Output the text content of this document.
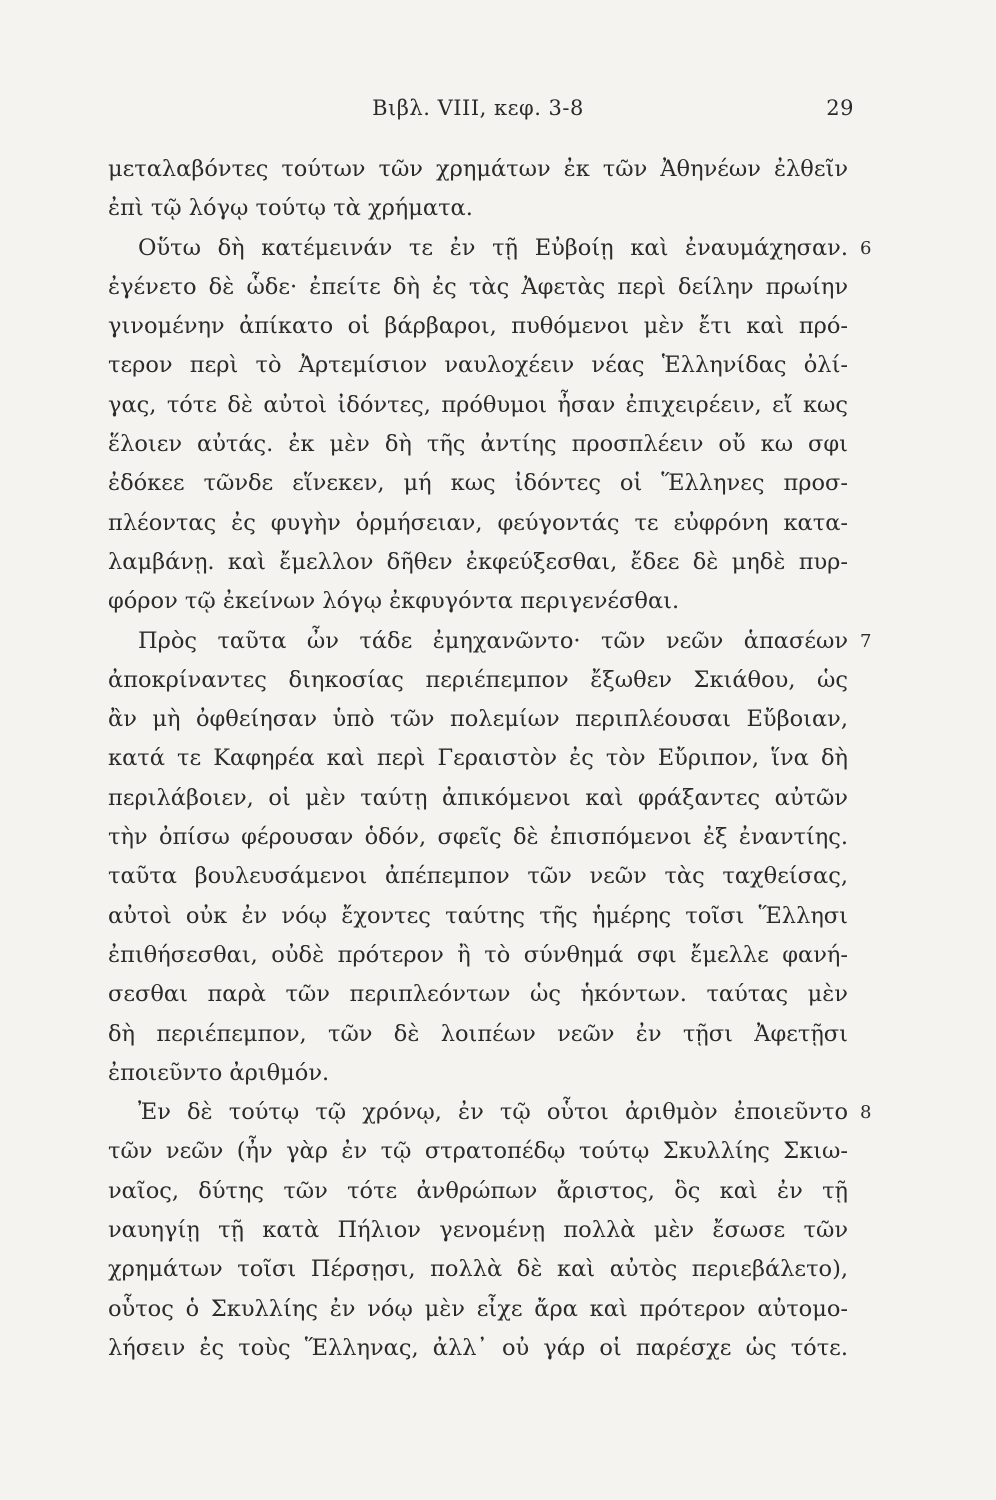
Βιβλ. VIII, κεφ. 3-8	29
μεταλαβόντες τούτων τῶν χρημάτων ἐκ τῶν Ἀθηνέων ἐλθεῖν
ἐπὶ τῷ λόγῳ τούτῳ τὰ χρήματα.
Οὕτω δὴ κατέμεινάν τε ἐν τῇ Εὐβοίῃ καὶ ἐναυμάχησαν. 6
ἐγένετο δὲ ὧδε· ἐπείτε δὴ ἐς τὰς Ἀφετὰς περὶ δείλην πρωίην
γινομένην ἀπίκατο οἱ βάρβαροι, πυθόμενοι μὲν ἔτι καὶ πρό-
τερον περὶ τὸ Ἀρτεμίσιον ναυλοχέειν νέας Ἑλληνίδας ὀλί-
γας, τότε δὲ αὐτοὶ ἰδόντες, πρόθυμοι ἦσαν ἐπιχειρέειν, εἴ κως
ἕλοιεν αὐτάς. ἐκ μὲν δὴ τῆς ἀντίης προσπλέειν οὔ κω σφι
ἐδόκεε τῶνδε εἵνεκεν, μή κως ἰδόντες οἱ Ἕλληνες προσ-
πλέοντας ἐς φυγὴν ὁρμήσειαν, φεύγοντάς τε εὐφρόνη κατα-
λαμβάνῃ. καὶ ἔμελλον δῆθεν ἐκφεύξεσθαι, ἔδεε δὲ μηδὲ πυρ-
φόρον τῷ ἐκείνων λόγῳ ἐκφυγόντα περιγενέσθαι.
Πρὸς ταῦτα ὦν τάδε ἐμηχανῶντο· τῶν νεῶν ἁπασέων 7
ἀποκρίναντες διηκοσίας περιέπεμπον ἔξωθεν Σκιάθου, ὡς
ἂν μὴ ὀφθείησαν ὑπὸ τῶν πολεμίων περιπλέουσαι Εὔβοιαν,
κατά τε Καφηρέα καὶ περὶ Γεραιστὸν ἐς τὸν Εὔριπον, ἵνα δὴ
περιλάβοιεν, οἱ μὲν ταύτῃ ἀπικόμενοι καὶ φράξαντες αὐτῶν
τὴν ὀπίσω φέρουσαν ὁδόν, σφεῖς δὲ ἐπισπόμενοι ἐξ ἐναντίης.
ταῦτα βουλευσάμενοι ἀπέπεμπον τῶν νεῶν τὰς ταχθείσας,
αὐτοὶ οὐκ ἐν νόῳ ἔχοντες ταύτης τῆς ἡμέρης τοῖσι Ἕλλησι
ἐπιθήσεσθαι, οὐδὲ πρότερον ἢ τὸ σύνθημά σφι ἔμελλε φανή-
σεσθαι παρὰ τῶν περιπλεόντων ὡς ἡκόντων. ταύτας μὲν
δὴ περιέπεμπον, τῶν δὲ λοιπέων νεῶν ἐν τῇσι Ἀφετῇσι
ἐποιεῦντο ἀριθμόν.
Ἐν δὲ τούτῳ τῷ χρόνῳ, ἐν τῷ οὗτοι ἀριθμὸν ἐποιεῦντο 8
τῶν νεῶν (ἦν γὰρ ἐν τῷ στρατοπέδῳ τούτῳ Σκυλλίης Σκιω-
ναῖος, δύτης τῶν τότε ἀνθρώπων ἄριστος, ὃς καὶ ἐν τῇ
ναυηγίῃ τῇ κατὰ Πήλιον γενομένῃ πολλὰ μὲν ἔσωσε τῶν
χρημάτων τοῖσι Πέρσῃσι, πολλὰ δὲ καὶ αὐτὸς περιεβάλετο),
οὗτος ὁ Σκυλλίης ἐν νόῳ μὲν εἶχε ἄρα καὶ πρότερον αὐτομο-
λήσειν ἐς τοὺς Ἕλληνας, ἀλλ᾽ οὐ γάρ οἱ παρέσχε ὡς τότε.
